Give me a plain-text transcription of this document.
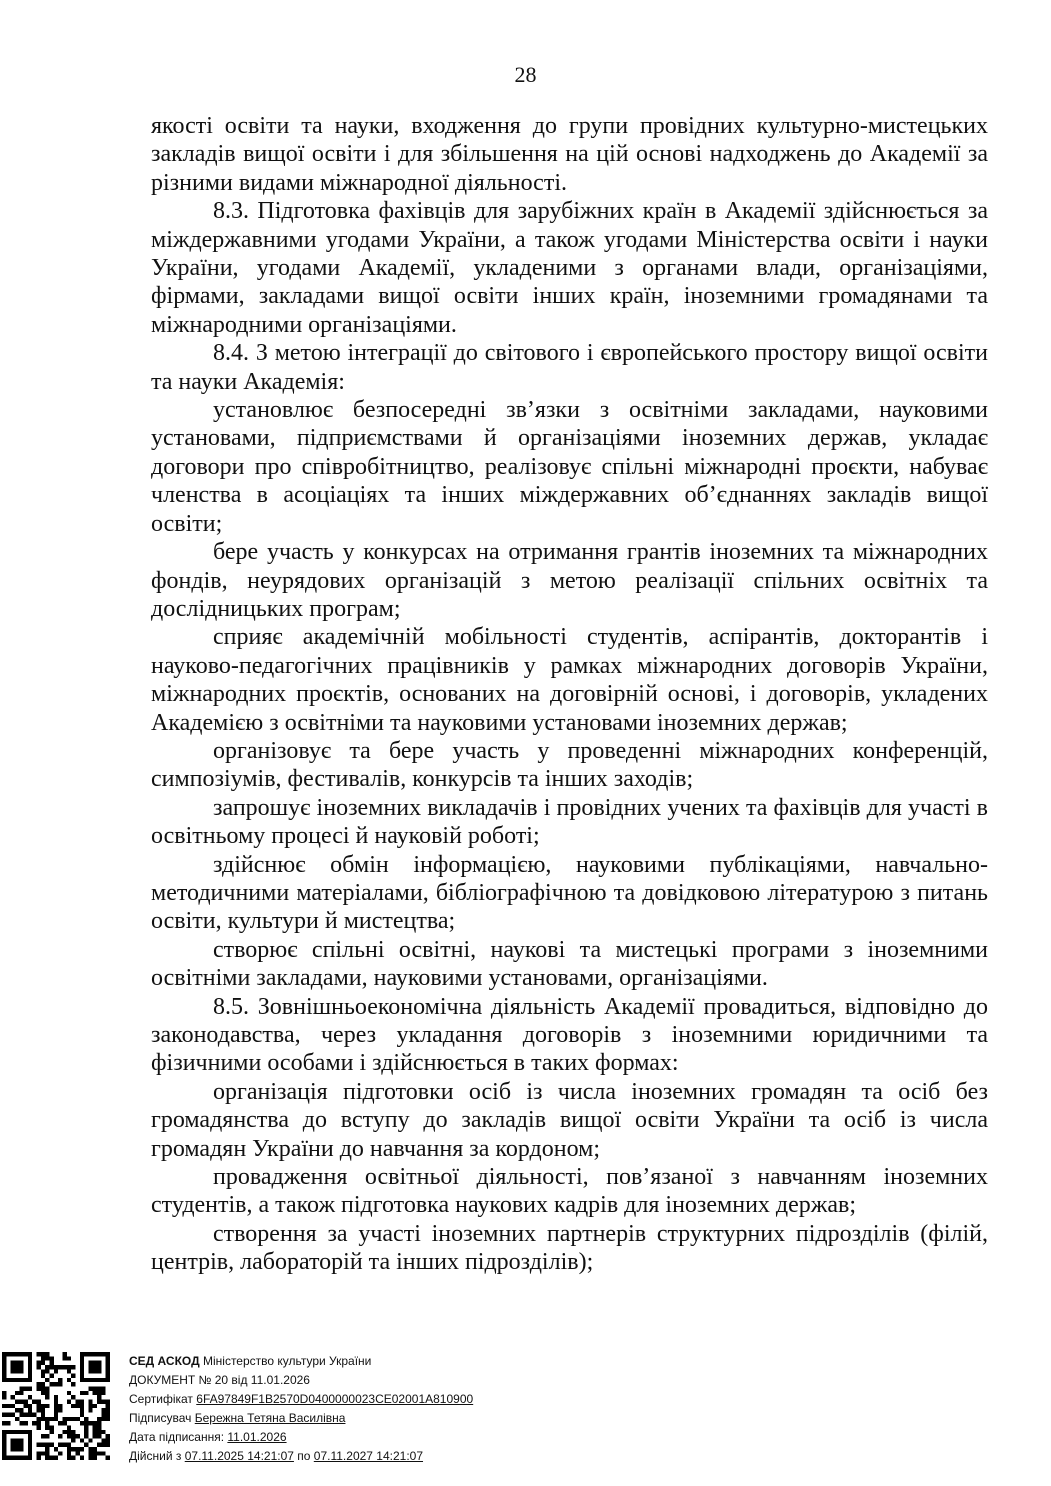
28

якості освіти та науки, входження до групи провідних культурно-мистецьких закладів вищої освіти і для збільшення на цій основі надходжень до Академії за різними видами міжнародної діяльності.

8.3. Підготовка фахівців для зарубіжних країн в Академії здійснюється за міждержавними угодами України, а також угодами Міністерства освіти і науки України, угодами Академії, укладеними з органами влади, організаціями, фірмами, закладами вищої освіти інших країн, іноземними громадянами та міжнародними організаціями.

8.4. З метою інтеграції до світового і європейського простору вищої освіти та науки Академія:

установлює безпосередні зв’язки з освітніми закладами, науковими установами, підприємствами й організаціями іноземних держав, укладає договори про співробітництво, реалізовує спільні міжнародні проєкти, набуває членства в асоціаціях та інших міждержавних об’єднаннях закладів вищої освіти;

бере участь у конкурсах на отримання грантів іноземних та міжнародних фондів, неурядових організацій з метою реалізації спільних освітніх та дослідницьких програм;

сприяє академічній мобільності студентів, аспірантів, докторантів і науково-педагогічних працівників у рамках міжнародних договорів України, міжнародних проєктів, основаних на договірній основі, і договорів, укладених Академією з освітніми та науковими установами іноземних держав;

організовує та бере участь у проведенні міжнародних конференцій, симпозіумів, фестивалів, конкурсів та інших заходів;

запрошує іноземних викладачів і провідних учених та фахівців для участі в освітньому процесі й науковій роботі;

здійснює обмін інформацією, науковими публікаціями, навчально-методичними матеріалами, бібліографічною та довідковою літературою з питань освіти, культури й мистецтва;

створює спільні освітні, наукові та мистецькі програми з іноземними освітніми закладами, науковими установами, організаціями.

8.5. Зовнішньоекономічна діяльність Академії провадиться, відповідно до законодавства, через укладання договорів з іноземними юридичними та фізичними особами і здійснюється в таких формах:

організація підготовки осіб із числа іноземних громадян та осіб без громадянства до вступу до закладів вищої освіти України та осіб із числа громадян України до навчання за кордоном;

провадження освітньої діяльності, пов’язаної з навчанням іноземних студентів, а також підготовка наукових кадрів для іноземних держав;

створення за участі іноземних партнерів структурних підрозділів (філій, центрів, лабораторій та інших підрозділів);

СЕД АСКОД Міністерство культури України
ДОКУМЕНТ № 20 від 11.01.2026
Сертифікат 6FA97849F1B2570D0400000023CE02001A810900
Підписувач Бережна Тетяна Василівна
Дата підписання: 11.01.2026
Дійсний з 07.11.2025 14:21:07 по 07.11.2027 14:21:07
